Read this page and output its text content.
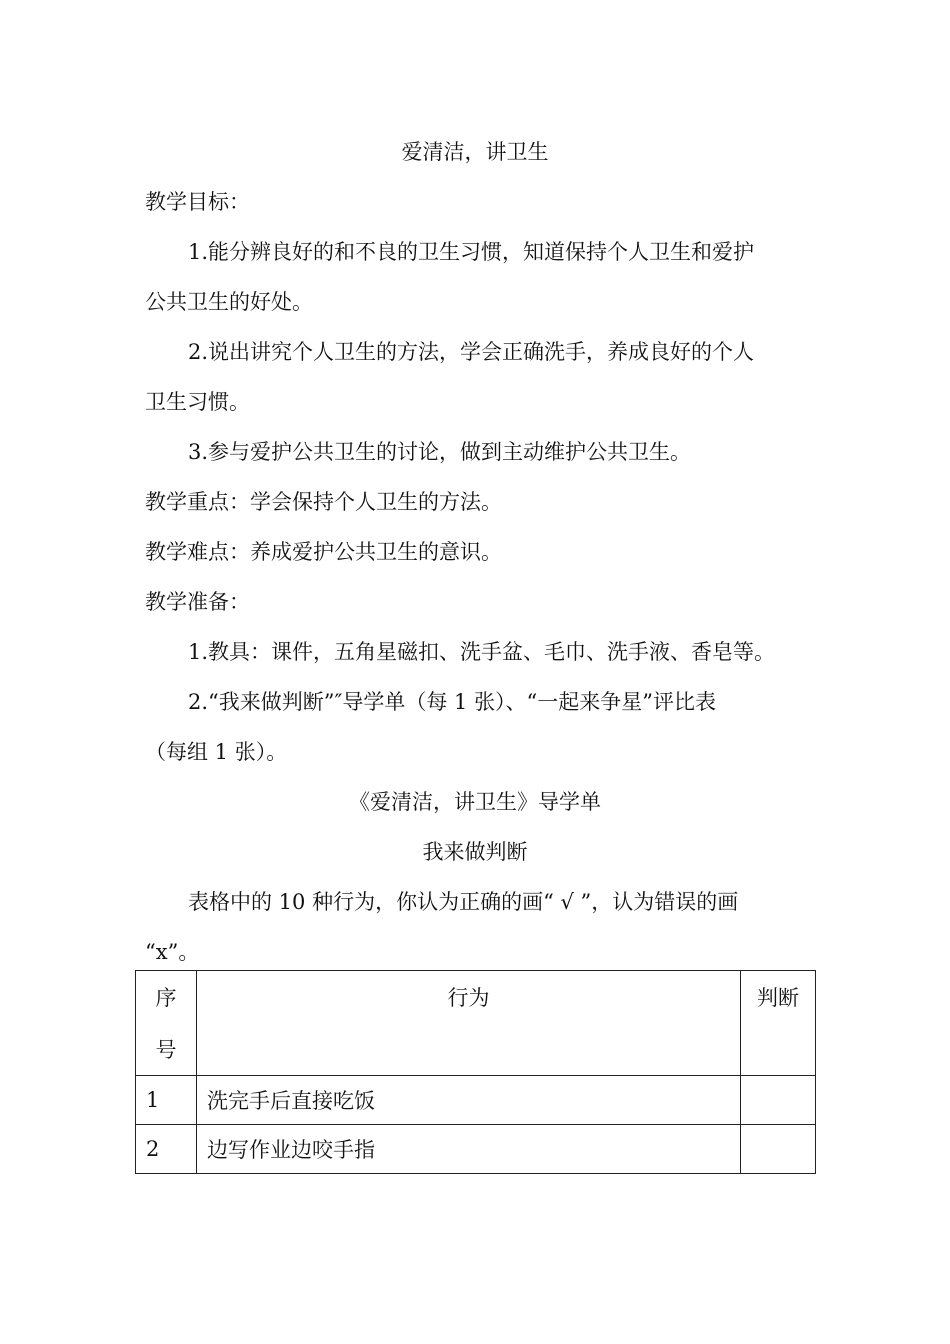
爱清洁，讲卫生
教学目标：
1.能分辨良好的和不良的卫生习惯，知道保持个人卫生和爱护
公共卫生的好处。
2.说出讲究个人卫生的方法，学会正确洗手，养成良好的个人
卫生习惯。
3.参与爱护公共卫生的讨论，做到主动维护公共卫生。
教学重点：学会保持个人卫生的方法。
教学难点：养成爱护公共卫生的意识。
教学准备：
1.教具：课件，五角星磁扣、洗手盆、毛巾、洗手液、香皂等。
2.“我来做判断”″导学单（每 1 张）、“一起来争星”评比表
（每组 1 张）。
《爱清洁，讲卫生》导学单
我来做判断
表格中的 10 种行为，你认为正确的画“ √ ”，认为错误的画
“x”。
序
号	行为	判断

1	洗完手后直接吃饭	
2	边写作业边咬手指	
